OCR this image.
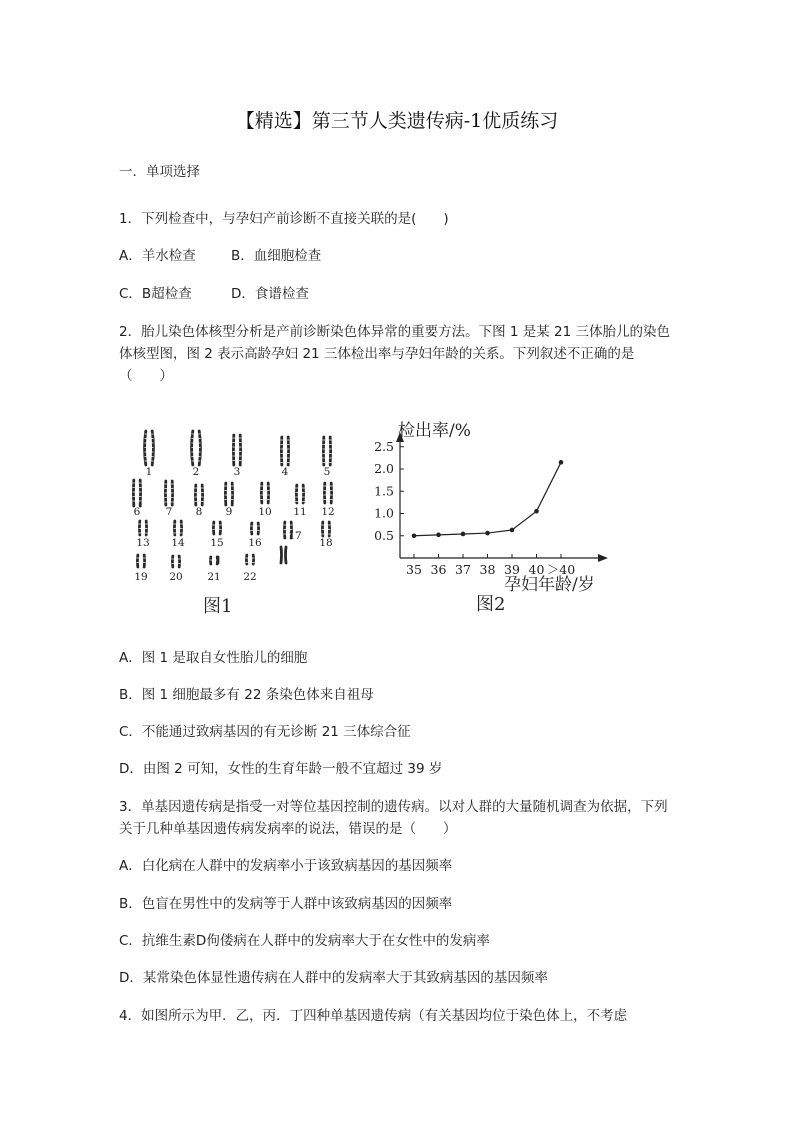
【精选】第三节人类遗传病-1优质练习
一．单项选择
1．下列检查中，与孕妇产前诊断不直接关联的是(　　)
A．羊水检查	B．血细胞检查
C．B超检查	D．食谱检查
2．胎儿染色体核型分析是产前诊断染色体异常的重要方法。下图 1 是某 21 三体胎儿的染色体核型图，图 2 表示高龄孕妇 21 三体检出率与孕妇年龄的关系。下列叙述不正确的是（　　）
1	2	3	4	5
6 7 8 9 10 11 12
13 14 15 16
17
18
19 20 21 22
图1
检出率/%
孕妇年龄/岁
0.5
1.0
1.5
2.0
2.5
35 36 37 38 39 40 ＞40
图2
A．图 1 是取自女性胎儿的细胞
B．图 1 细胞最多有 22 条染色体来自祖母
C．不能通过致病基因的有无诊断 21 三体综合征
D．由图 2 可知，女性的生育年龄一般不宜超过 39 岁
3．单基因遗传病是指受一对等位基因控制的遗传病。以对人群的大量随机调查为依据，下列关于几种单基因遗传病发病率的说法，错误的是（　　）
A．白化病在人群中的发病率小于该致病基因的基因频率
B．色盲在男性中的发病等于人群中该致病基因的因频率
C．抗维生素D佝偻病在人群中的发病率大于在女性中的发病率
D．某常染色体显性遗传病在人群中的发病率大于其致病基因的基因频率
4．如图所示为甲．乙，丙．丁四种单基因遗传病（有关基因均位于染色体上，不考虑
